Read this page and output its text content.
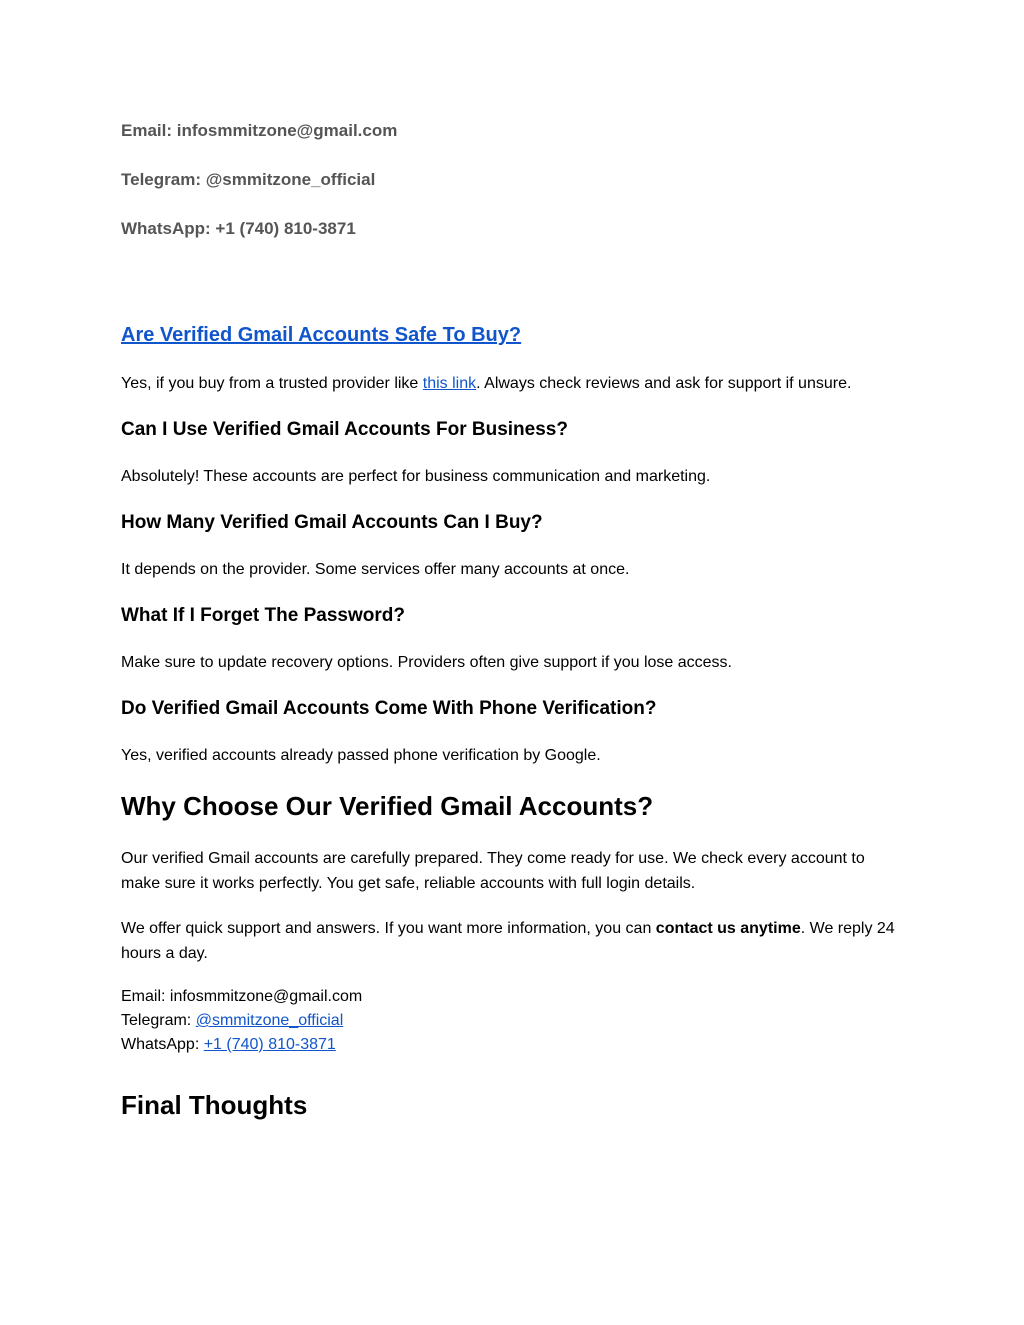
Email: infosmmitzone@gmail.com

Telegram: @smmitzone_official

WhatsApp: +1 (740) 810-3871

Are Verified Gmail Accounts Safe To Buy?

Yes, if you buy from a trusted provider like this link. Always check reviews and ask for support if unsure.

Can I Use Verified Gmail Accounts For Business?

Absolutely! These accounts are perfect for business communication and marketing.

How Many Verified Gmail Accounts Can I Buy?

It depends on the provider. Some services offer many accounts at once.

What If I Forget The Password?

Make sure to update recovery options. Providers often give support if you lose access.

Do Verified Gmail Accounts Come With Phone Verification?

Yes, verified accounts already passed phone verification by Google.

Why Choose Our Verified Gmail Accounts?

Our verified Gmail accounts are carefully prepared. They come ready for use. We check every account to make sure it works perfectly. You get safe, reliable accounts with full login details.

We offer quick support and answers. If you want more information, you can contact us anytime. We reply 24 hours a day.

Email: infosmmitzone@gmail.com
Telegram: @smmitzone_official
WhatsApp: +1 (740) 810-3871

Final Thoughts
